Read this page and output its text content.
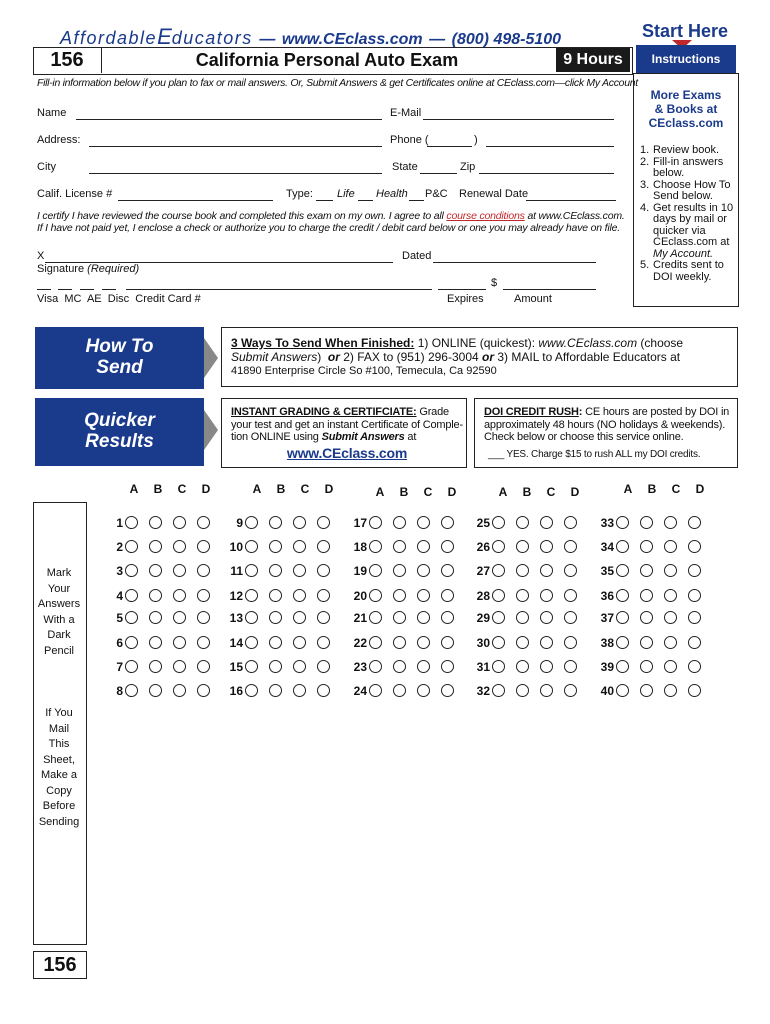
AffordableEducators — www.CEclass.com — (800) 498-5100	Start Here
156	California Personal Auto Exam	9 Hours	Instructions
More Exams
& Books at
CEclass.com
1. Review book.
2. Fill-in answers
below.
3. Choose How To
Send below.
4. Get results in 10
days by mail or
quicker via
CEclass.com at
My Account.
5. Credits sent to
DOI weekly.
Fill-in information below if you plan to fax or mail answers. Or, Submit Answers & get Certificates online at CEclass.com—click My Account
Name	E-Mail
Address:	Phone (	)
City	State	Zip
Calif. License #	Type: Life Health P&C Renewal Date
I certify I have reviewed the course book and completed this exam on my own. I agree to all course conditions at www.CEclass.com.
If I have not paid yet, I enclose a check or authorize you to charge the credit / debit card below or one you may already have on file.
X	Dated
Signature (Required)
$
Visa MC AE Disc Credit Card #	Expires	Amount
How To
Send
3 Ways To Send When Finished: 1) ONLINE (quickest): www.CEclass.com (choose
Submit Answers) or 2) FAX to (951) 296-3004 or 3) MAIL to Affordable Educators at
41890 Enterprise Circle So #100, Temecula, Ca 92590
Quicker
Results
INSTANT GRADING & CERTIFCIATE: Grade
your test and get an instant Certificate of Comple-
tion ONLINE using Submit Answers at
www.CEclass.com
DOI CREDIT RUSH: CE hours are posted by DOI in
approximately 48 hours (NO holidays & weekends).
Check below or choose this service online.
___ YES. Charge $15 to rush ALL my DOI credits.
Mark
Your
Answers
With a
Dark
Pencil
If You
Mail
This
Sheet,
Make a
Copy
Before
Sending
156
A B C D
1
2
3
4
5
6
7
8
A B C D
9
10
11
12
13
14
15
16
A B C D
17
18
19
20
21
22
23
24
A B C D
25
26
27
28
29
30
31
32
A B C D
33
34
35
36
37
38
39
40
